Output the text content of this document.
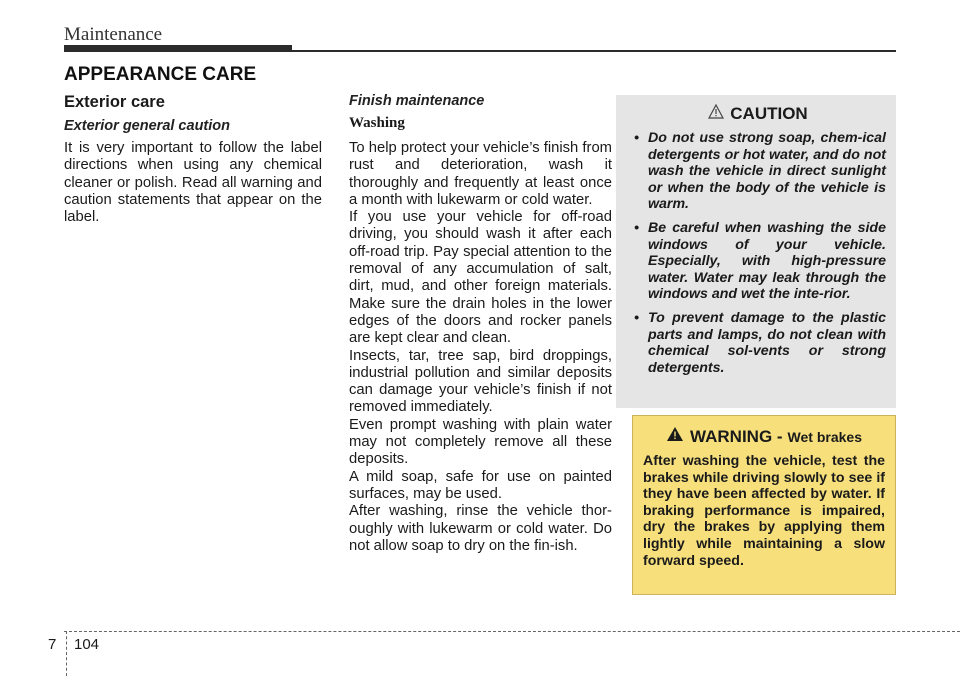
Maintenance
APPEARANCE CARE
Exterior care
Exterior general caution

It is very important to follow the label directions when using any chemical cleaner or polish. Read all warning and caution statements that appear on the label.

Finish maintenance
Washing

To help protect your vehicle’s finish from rust and deterioration, wash it thoroughly and frequently at least once a month with lukewarm or cold water.
If you use your vehicle for off-road driving, you should wash it after each off-road trip. Pay special attention to the removal of any accumulation of salt, dirt, mud, and other foreign materials. Make sure the drain holes in the lower edges of the doors and rocker panels are kept clear and clean.
Insects, tar, tree sap, bird droppings, industrial pollution and similar deposits can damage your vehicle’s finish if not removed immediately.
Even prompt washing with plain water may not completely remove all these deposits.
A mild soap, safe for use on painted surfaces, may be used.
After washing, rinse the vehicle thor-oughly with lukewarm or cold water. Do not allow soap to dry on the fin-ish.

CAUTION
• Do not use strong soap, chem-ical detergents or hot water, and do not wash the vehicle in direct sunlight or when the body of the vehicle is warm.
• Be careful when washing the side windows of your vehicle. Especially, with high-pressure water. Water may leak through the windows and wet the inte-rior.
• To prevent damage to the plastic parts and lamps, do not clean with chemical sol-vents or strong detergents.
WARNING - Wet brakes

After washing the vehicle, test the brakes while driving slowly to see if they have been affected by water. If braking performance is impaired, dry the brakes by applying them lightly while maintaining a slow forward speed.

7 104
